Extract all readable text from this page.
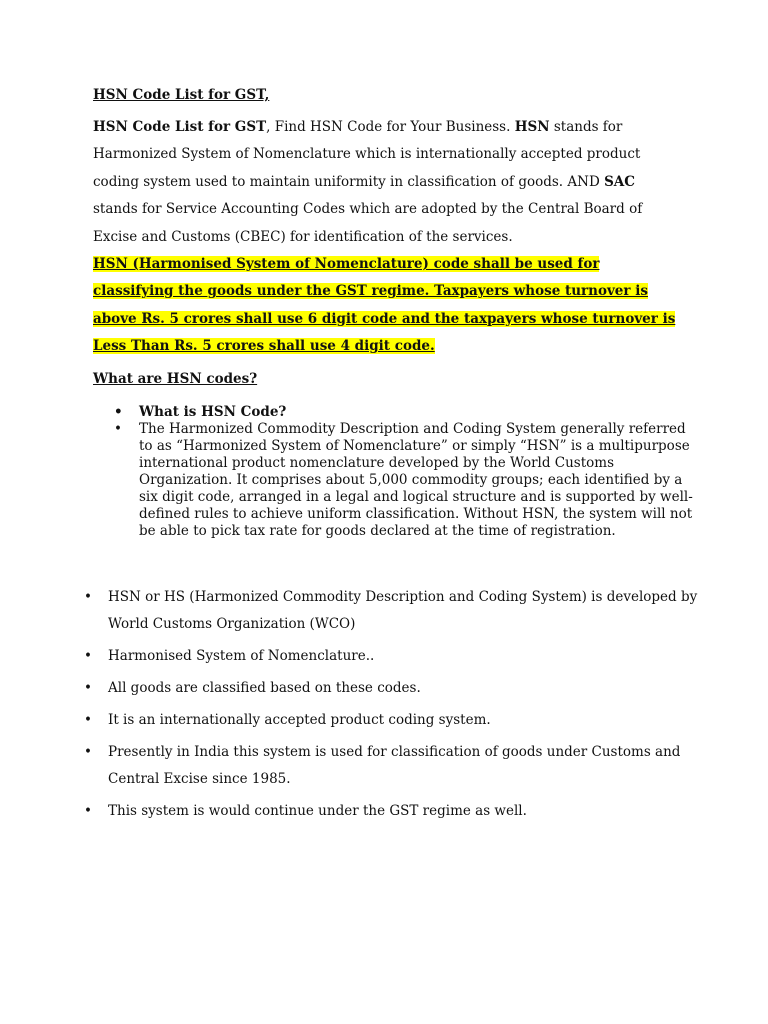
HSN Code List for GST,

HSN Code List for GST, Find HSN Code for Your Business. HSN stands for Harmonized System of Nomenclature which is internationally accepted product coding system used to maintain uniformity in classification of goods. AND SAC stands for Service Accounting Codes which are adopted by the Central Board of Excise and Customs (CBEC) for identification of the services.

HSN (Harmonised System of Nomenclature) code shall be used for classifying the goods under the GST regime. Taxpayers whose turnover is above Rs. 5 crores shall use 6 digit code and the taxpayers whose turnover is Less Than Rs. 5 crores shall use 4 digit code.

What are HSN codes?
• What is HSN Code?
• The Harmonized Commodity Description and Coding System generally referred to as “Harmonized System of Nomenclature” or simply “HSN” is a multipurpose international product nomenclature developed by the World Customs Organization. It comprises about 5,000 commodity groups; each identified by a six digit code, arranged in a legal and logical structure and is supported by well-defined rules to achieve uniform classification. Without HSN, the system will not be able to pick tax rate for goods declared at the time of registration.
• HSN or HS (Harmonized Commodity Description and Coding System) is developed by World Customs Organization (WCO)
• Harmonised System of Nomenclature..
• All goods are classified based on these codes.
• It is an internationally accepted product coding system.
• Presently in India this system is used for classification of goods under Customs and Central Excise since 1985.
• This system is would continue under the GST regime as well.
